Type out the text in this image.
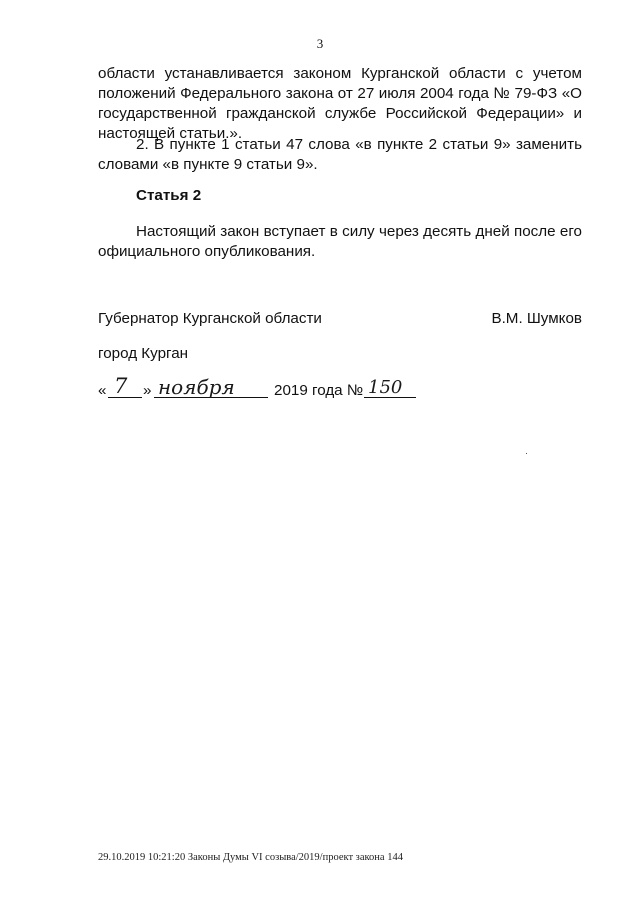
3
области устанавливается законом Курганской области с учетом положений Федерального закона от 27 июля 2004 года № 79-ФЗ «О государственной гражданской службе Российской Федерации» и настоящей статьи.».
2. В пункте 1 статьи 47 слова «в пункте 2 статьи 9» заменить словами «в пункте 9 статьи 9».
Статья 2
Настоящий закон вступает в силу через десять дней после его официального опубликования.
Губернатор Курганской области	В.М. Шумков
город Курган
« 7 » ноября	2019 года № 150
29.10.2019 10:21:20 Законы Думы VI созыва/2019/проект закона 144
